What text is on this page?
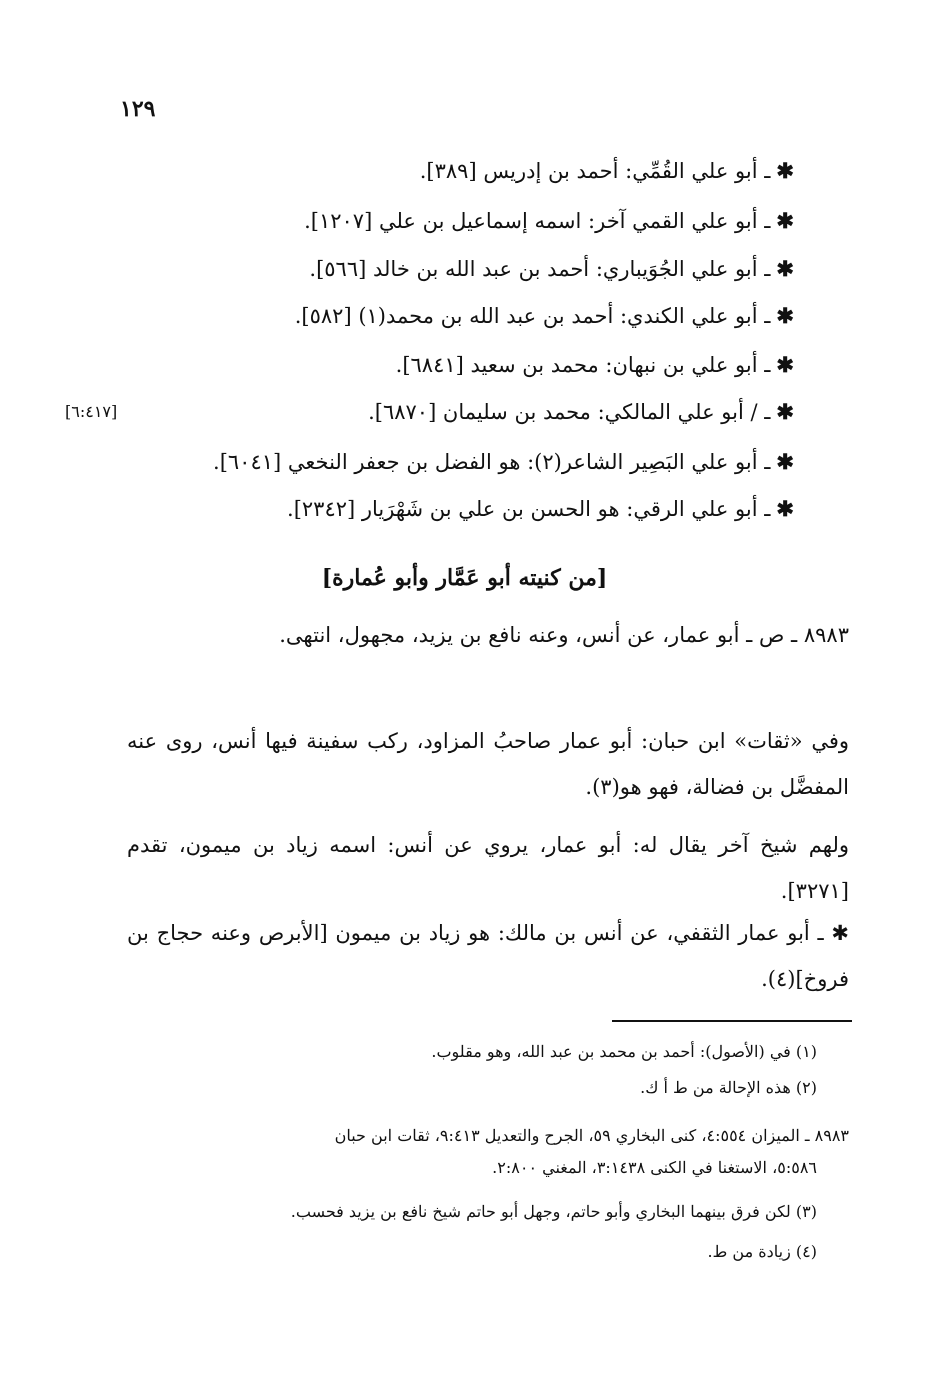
١٢٩
✱ـ أبو علي القُمِّي: أحمد بن إدريس [٣٨٩].
✱ـ أبو علي القمي آخر: اسمه إسماعيل بن علي [١٢٠٧].
✱ـ أبو علي الجُوَيباري: أحمد بن عبد الله بن خالد [٥٦٦].
✱ـ أبو علي الكندي: أحمد بن عبد الله بن محمد(١) [٥٨٢].
✱ـ أبو علي بن نبهان: محمد بن سعيد [٦٨٤١].
✱ـ / أبو علي المالكي: محمد بن سليمان [٦٨٧٠].
[٦:٤١٧]
✱ـ أبو علي البَصِير الشاعر(٢): هو الفضل بن جعفر النخعي [٦٠٤١].
✱ـ أبو علي الرقي: هو الحسن بن علي بن شَهْرَيار [٢٣٤٢].
[من كنيته أبو عَمَّار وأبو عُمارة]
٨٩٨٣ ـ ص ـ أبو عمار، عن أنس، وعنه نافع بن يزيد، مجهول، انتهى.
وفي «ثقات» ابن حبان: أبو عمار صاحبُ المزاود، ركب سفينة فيها أنس، روى عنه المفضَّل بن فضالة، فهو هو(٣).
ولهم شيخ آخر يقال له: أبو عمار، يروي عن أنس: اسمه زياد بن ميمون، تقدم [٣٢٧١].
✱ ـ أبو عمار الثقفي، عن أنس بن مالك: هو زياد بن ميمون [الأبرص وعنه حجاج بن فروخ](٤).
(١) في (الأصول): أحمد بن محمد بن عبد الله، وهو مقلوب.
(٢) هذه الإحالة من ط أ ك.
٨٩٨٣ ـ الميزان ٤:٥٥٤، كنى البخاري ٥٩، الجرح والتعديل ٩:٤١٣، ثقات ابن حبان
٥:٥٨٦، الاستغنا في الكنى ٣:١٤٣٨، المغني ٢:٨٠٠.
(٣) لكن فرق بينهما البخاري وأبو حاتم، وجهل أبو حاتم شيخ نافع بن يزيد فحسب.
(٤) زيادة من ط.
